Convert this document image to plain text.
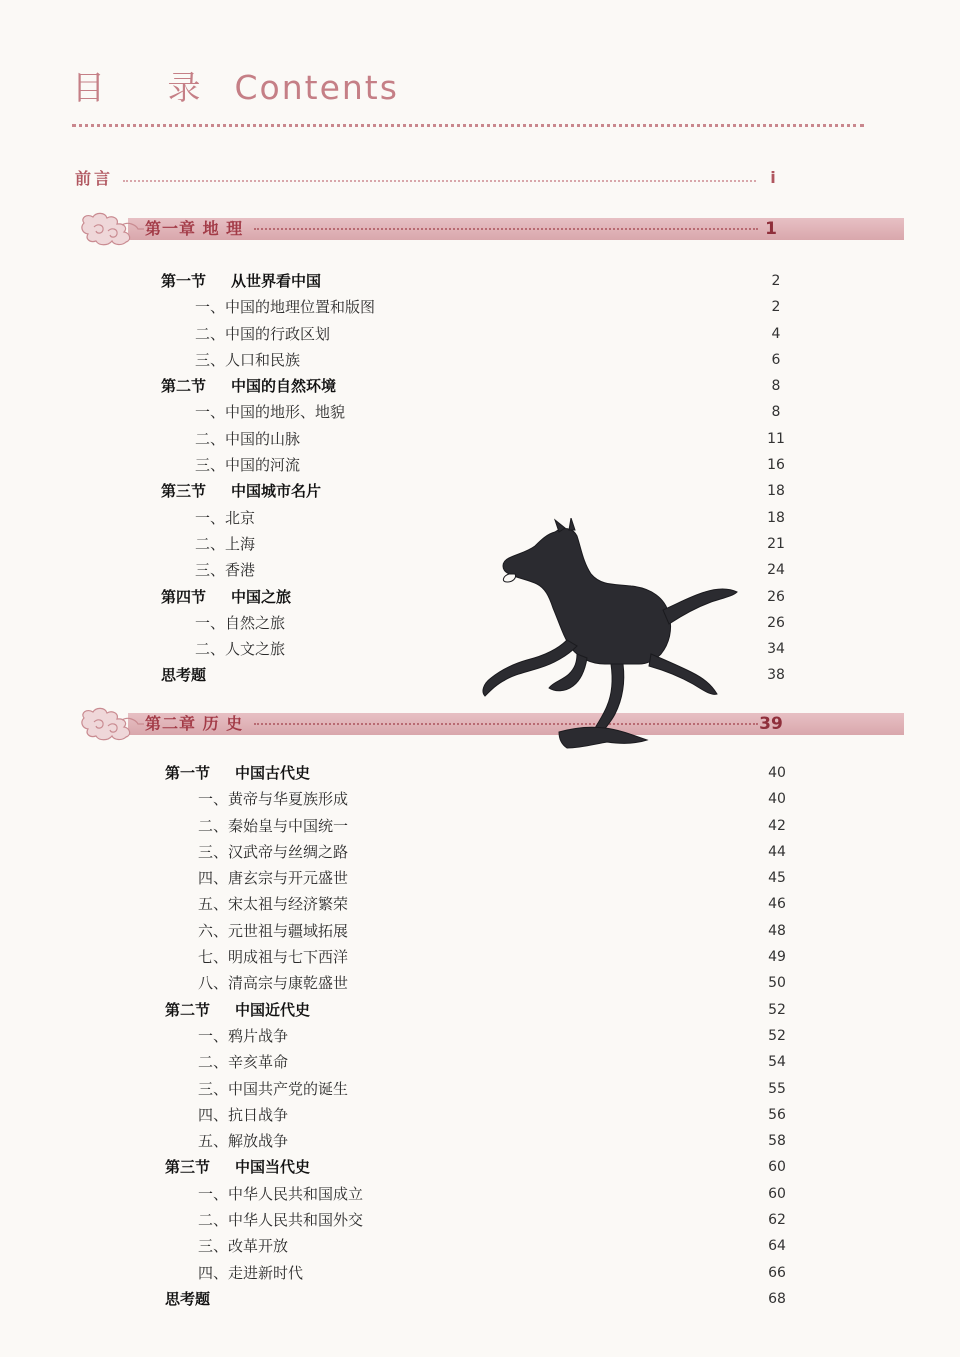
目 录 Contents
前言	i
第一章 地 理	1
第一节 从世界看中国	2
一、中国的地理位置和版图	2
二、中国的行政区划	4
三、人口和民族	6
第二节 中国的自然环境	8
一、中国的地形、地貌	8
二、中国的山脉	11
三、中国的河流	16
第三节 中国城市名片	18
一、北京	18
二、上海	21
三、香港	24
第四节 中国之旅	26
一、自然之旅	26
二、人文之旅	34
思考题	38
第二章 历 史	39
第一节 中国古代史	40
一、黄帝与华夏族形成	40
二、秦始皇与中国统一	42
三、汉武帝与丝绸之路	44
四、唐玄宗与开元盛世	45
五、宋太祖与经济繁荣	46
六、元世祖与疆域拓展	48
七、明成祖与七下西洋	49
八、清高宗与康乾盛世	50
第二节 中国近代史	52
一、鸦片战争	52
二、辛亥革命	54
三、中国共产党的诞生	55
四、抗日战争	56
五、解放战争	58
第三节 中国当代史	60
一、中华人民共和国成立	60
二、中华人民共和国外交	62
三、改革开放	64
四、走进新时代	66
思考题	68
